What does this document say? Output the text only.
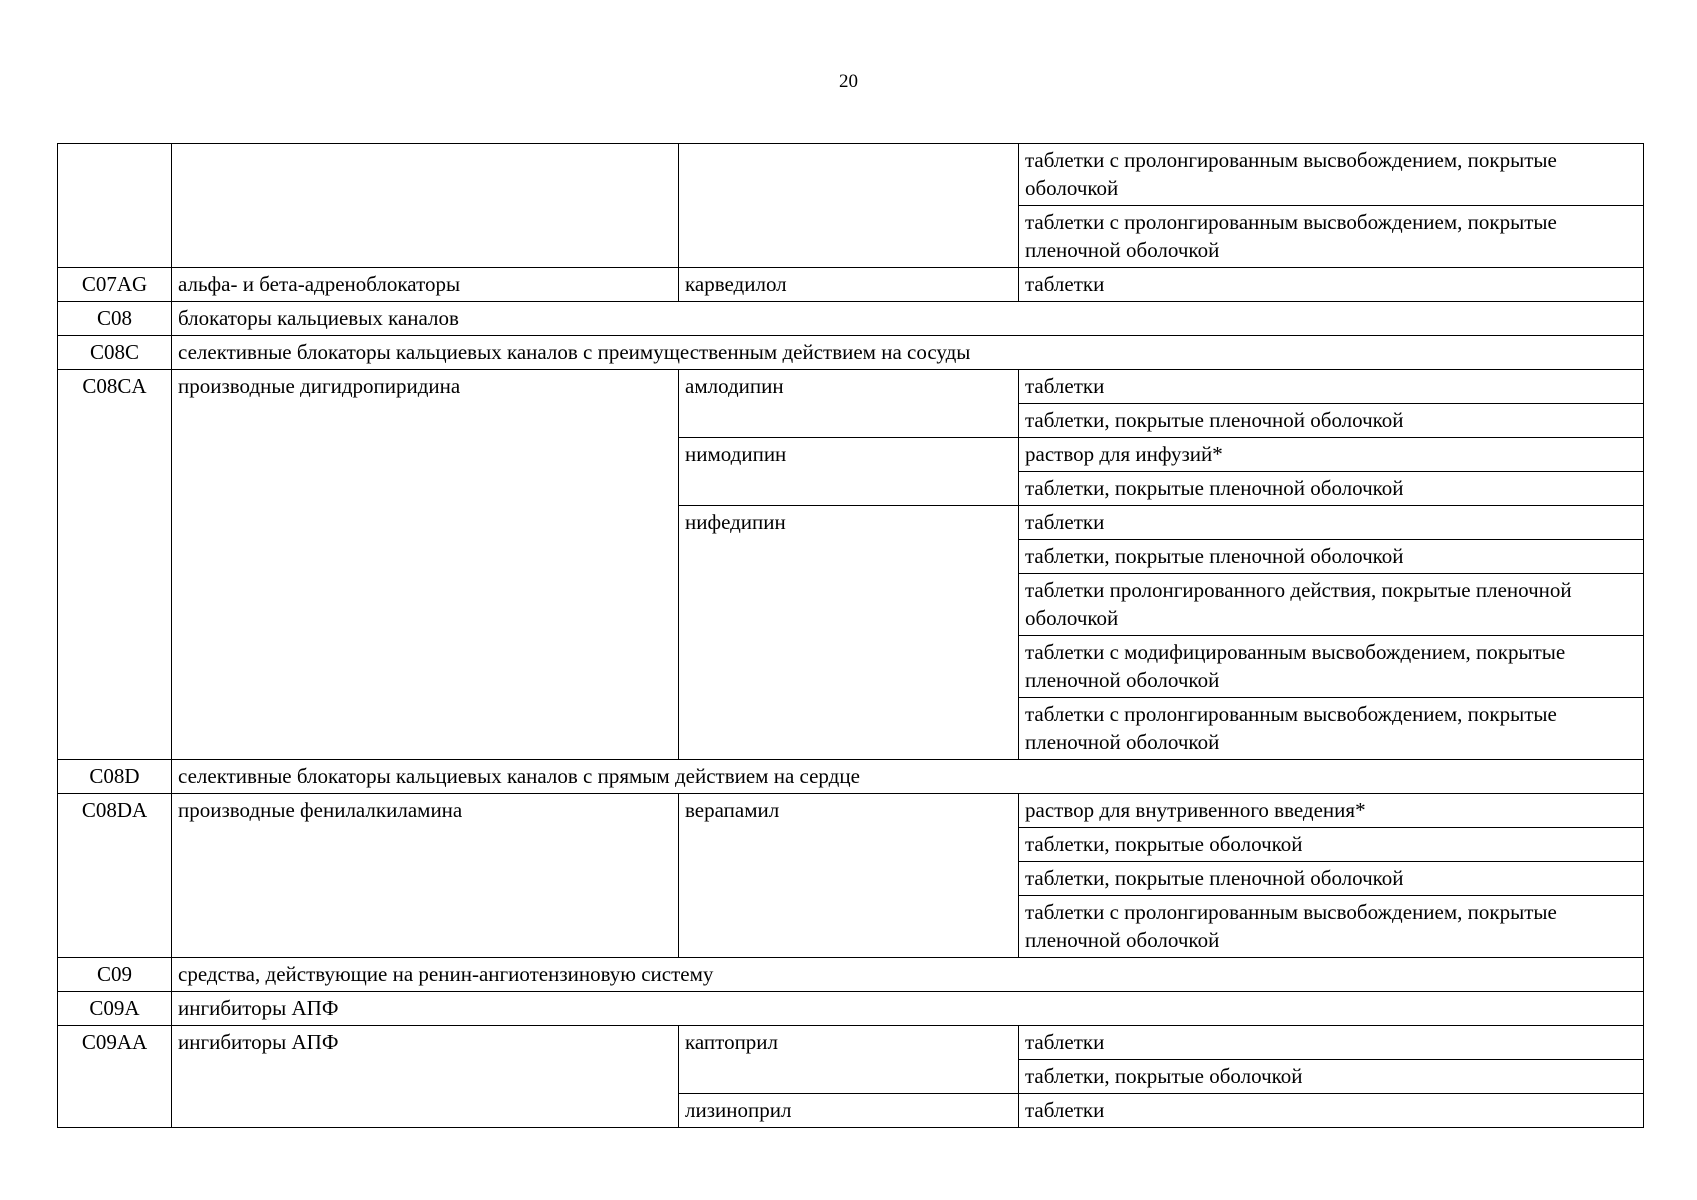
20
			таблетки с пролонгированным высвобождением, покрытые оболочкой
			таблетки с пролонгированным высвобождением, покрытые пленочной оболочкой
C07AG	альфа- и бета-адреноблокаторы	карведилол	таблетки
C08	блокаторы кальциевых каналов		
C08C	селективные блокаторы кальциевых каналов с преимущественным действием на сосуды		
C08CA	производные дигидропиридина	амлодипин	таблетки
			таблетки, покрытые пленочной оболочкой
		нимодипин	раствор для инфузий*
			таблетки, покрытые пленочной оболочкой
		нифедипин	таблетки
			таблетки, покрытые пленочной оболочкой
			таблетки пролонгированного действия, покрытые пленочной оболочкой
			таблетки с модифицированным высвобождением, покрытые пленочной оболочкой
			таблетки с пролонгированным высвобождением, покрытые пленочной оболочкой
C08D	селективные блокаторы кальциевых каналов с прямым действием на сердце		
C08DA	производные фенилалкиламина	верапамил	раствор для внутривенного введения*
			таблетки, покрытые оболочкой
			таблетки, покрытые пленочной оболочкой
			таблетки с пролонгированным высвобождением, покрытые пленочной оболочкой
C09	средства, действующие на ренин-ангиотензиновую систему		
C09A	ингибиторы АПФ		
C09AA	ингибиторы АПФ	каптоприл	таблетки
			таблетки, покрытые оболочкой
		лизиноприл	таблетки
